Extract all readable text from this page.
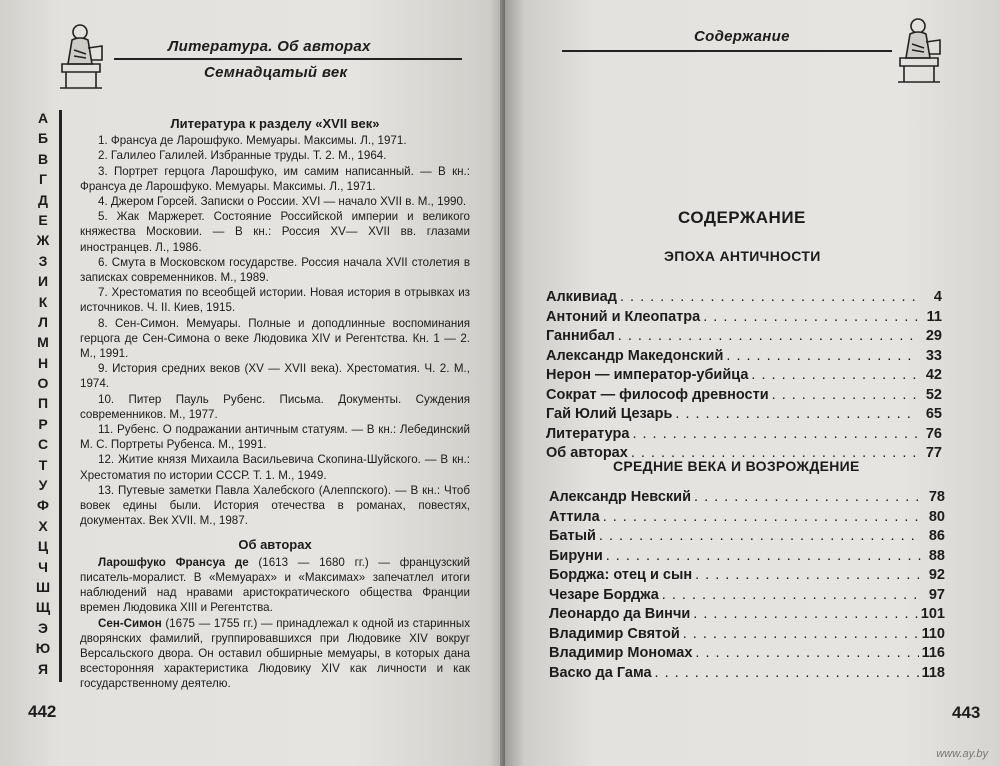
Литература. Об авторах
Семнадцатый век
А
Б
В
Г
Д
Е
Ж
З
И
К
Л
М
Н
О
П
Р
С
Т
У
Ф
Х
Ц
Ч
Ш
Щ
Э
Ю
Я
Литература к разделу «XVII век»

1. Франсуа де Ларошфуко. Мемуары. Максимы. Л., 1971.

2. Галилео Галилей. Избранные труды. Т. 2. М., 1964.

3. Портрет герцога Ларошфуко, им самим написанный. — В кн.: Франсуа де Ларошфуко. Мемуары. Максимы. Л., 1971.

4. Джером Горсей. Записки о России. XVI — начало XVII в. М., 1990.

5. Жак Маржерет. Состояние Российской империи и великого княжества Московии. — В кн.: Россия XV— XVII вв. глазами иностранцев. Л., 1986.

6. Смута в Московском государстве. Россия начала XVII столетия в записках современников. М., 1989.

7. Хрестоматия по всеобщей истории. Новая история в отрывках из источников. Ч. II. Киев, 1915.

8. Сен-Симон. Мемуары. Полные и доподлинные воспоминания герцога де Сен-Симона о веке Людовика XIV и Регентства. Кн. 1 — 2. М., 1991.

9. История средних веков (XV — XVII века). Хрестоматия. Ч. 2. М., 1974.

10. Питер Пауль Рубенс. Письма. Документы. Суждения современников. М., 1977.

11. Рубенс. О подражании античным статуям. — В кн.: Лебединский М. С. Портреты Рубенса. М., 1991.

12. Житие князя Михаила Васильевича Скопина-Шуйского. — В кн.: Хрестоматия по истории СССР. Т. 1. М., 1949.

13. Путевые заметки Павла Халебского (Алеппского). — В кн.: Чтоб вовек едины были. История отечества в романах, повестях, документах. Век XVII. М., 1987.

Об авторах

Ларошфуко Франсуа де (1613 — 1680 гг.) — французский писатель-моралист. В «Мемуарах» и «Максимах» запечатлел итоги наблюдений над нравами аристократического общества Франции времен Людовика XIII и Регентства.

Сен-Симон (1675 — 1755 гг.) — принадлежал к одной из старинных дворянских фамилий, группировавшихся при Людовике XIV вокруг Версальского двора. Он оставил обширные мемуары, в которых дана всесторонняя характеристика Людовику XIV как личности и как государственному деятелю.

442
Содержание
СОДЕРЖАНИЕ
ЭПОХА АНТИЧНОСТИ
Алкивиад . . .	4
Антоний и Клеопатра . . .	11
Ганнибал . . .	29
Александр Македонский . . .	33
Нерон — император-убийца . . .	42
Сократ — философ древности . . .	52
Гай Юлий Цезарь . . .	65
Литература . . .	76
Об авторах . . .	77
СРЕДНИЕ ВЕКА И ВОЗРОЖДЕНИЕ
Александр Невский . . .	78
Аттила . . .	80
Батый . . .	86
Бируни . . .	88
Борджа: отец и сын . . .	92
Чезаре Борджа . . .	97
Леонардо да Винчи . . .	101
Владимир Святой . . .	110
Владимир Мономах . . .	116
Васко да Гама . . .	118
443
www.ay.by
